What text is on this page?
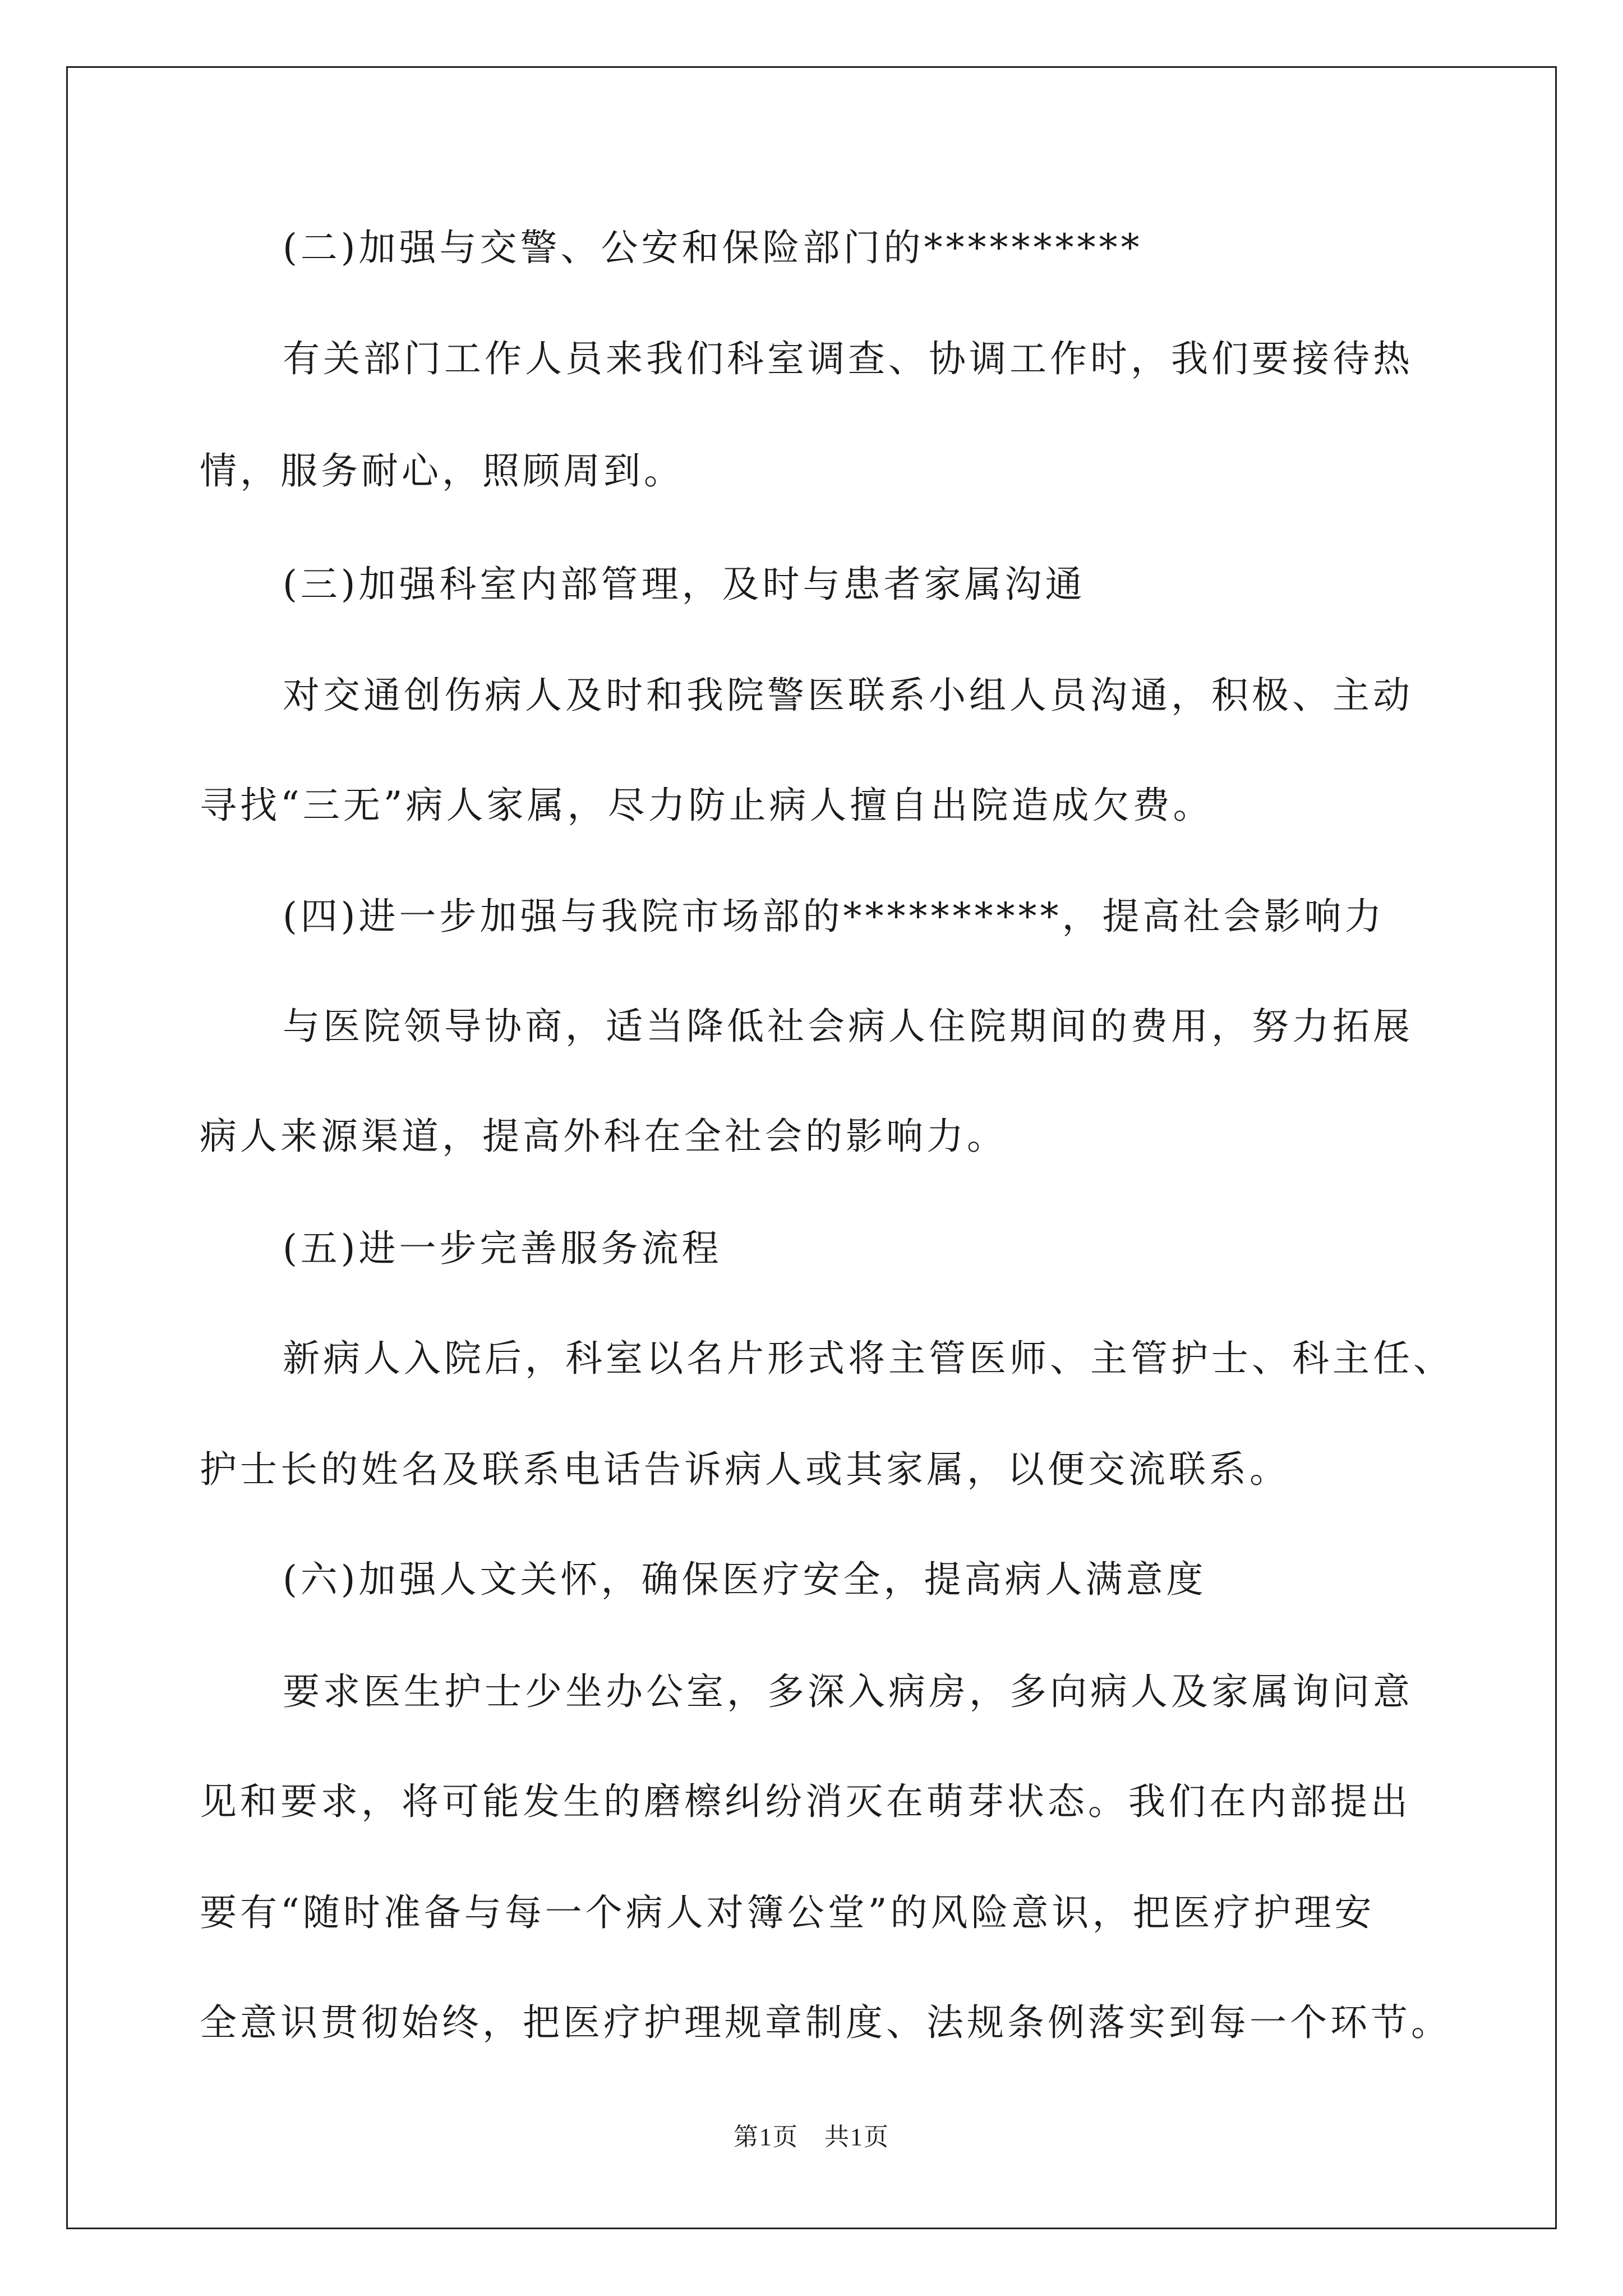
(二)加强与交警、公安和保险部门的**********
有关部门工作人员来我们科室调查、协调工作时，我们要接待热
情，服务耐心，照顾周到。
(三)加强科室内部管理，及时与患者家属沟通
对交通创伤病人及时和我院警医联系小组人员沟通，积极、主动
寻找“三无”病人家属，尽力防止病人擅自出院造成欠费。
(四)进一步加强与我院市场部的**********，提高社会影响力
与医院领导协商，适当降低社会病人住院期间的费用，努力拓展
病人来源渠道，提高外科在全社会的影响力。
(五)进一步完善服务流程
新病人入院后，科室以名片形式将主管医师、主管护士、科主任、
护士长的姓名及联系电话告诉病人或其家属，以便交流联系。
(六)加强人文关怀，确保医疗安全，提高病人满意度
要求医生护士少坐办公室，多深入病房，多向病人及家属询问意
见和要求，将可能发生的磨檫纠纷消灭在萌芽状态。我们在内部提出
要有“随时准备与每一个病人对簿公堂”的风险意识，把医疗护理安
全意识贯彻始终，把医疗护理规章制度、法规条例落实到每一个环节。
第1页　共1页
